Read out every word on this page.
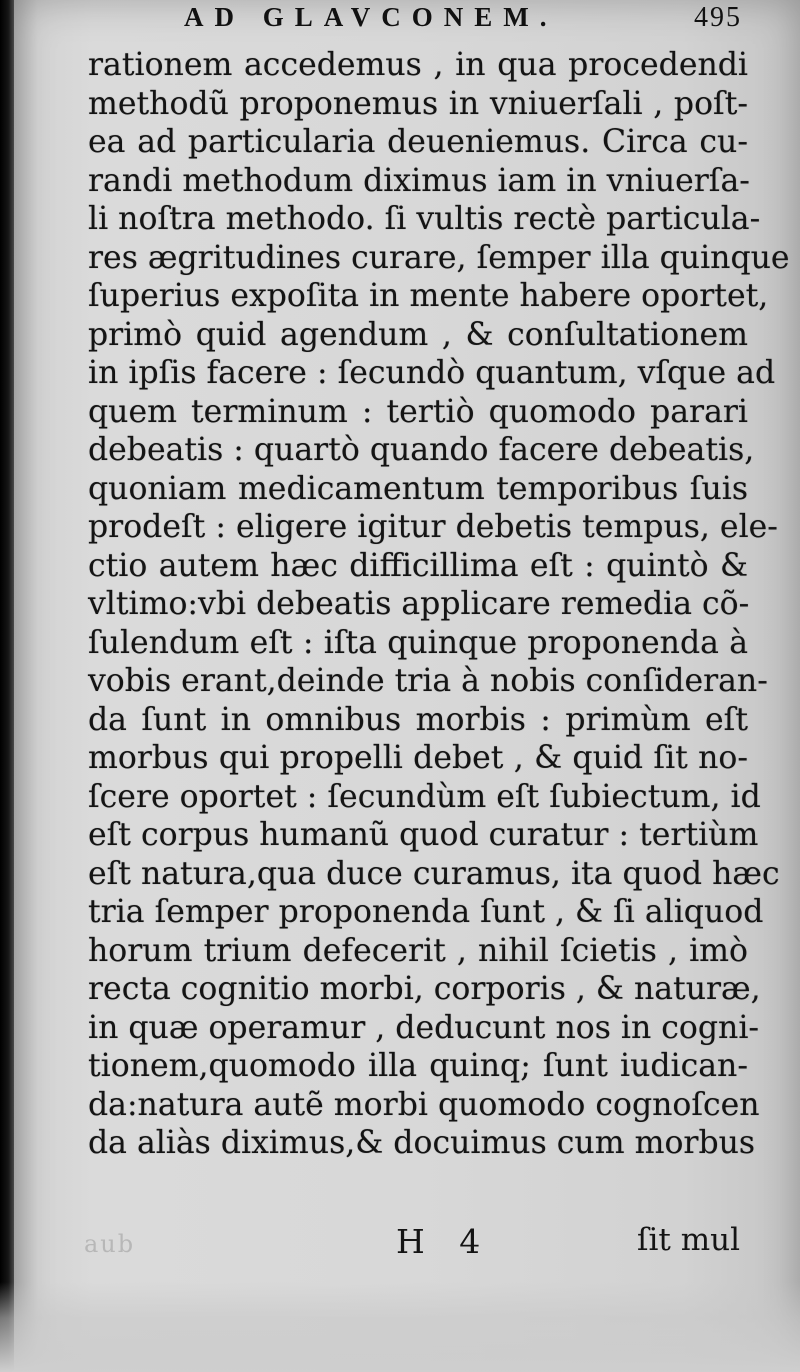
AD GLAVCONEM.	495
rationem accedemus , in qua procedendi
methodũ proponemus in vniuerſali , poſt-
ea ad particularia deueniemus. Circa cu-
randi methodum diximus iam in vniuerſa-
li noſtra methodo. ſi vultis rectè particula-
res ægritudines curare, ſemper illa quinque
ſuperius expoſita in mente habere oportet,
primò quid agendum , & conſultationem
in ipſis facere : ſecundò quantum, vſque ad
quem terminum : tertiò quomodo parari
debeatis : quartò quando facere debeatis,
quoniam medicamentum temporibus ſuis
prodeſt : eligere igitur debetis tempus, ele-
ctio autem hæc difficillima eſt : quintò &
vltimo:vbi debeatis applicare remedia cõ-
ſulendum eſt : iſta quinque proponenda à
vobis erant,deinde tria à nobis conſideran-
da ſunt in omnibus morbis : primùm eſt
morbus qui propelli debet , & quid ſit no-
ſcere oportet : ſecundùm eſt ſubiectum, id
eſt corpus humanũ quod curatur : tertiùm
eſt natura,qua duce curamus, ita quod hæc
tria ſemper proponenda ſunt , & ſi aliquod
horum trium defecerit , nihil ſcietis , imò
recta cognitio morbi, corporis , & naturæ,
in quæ operamur , deducunt nos in cogni-
tionem,quomodo illa quinq; ſunt iudican-
da:natura autẽ morbi quomodo cognoſcen
da aliàs diximus,& docuimus cum morbus
aub	H 4	ſit mul
